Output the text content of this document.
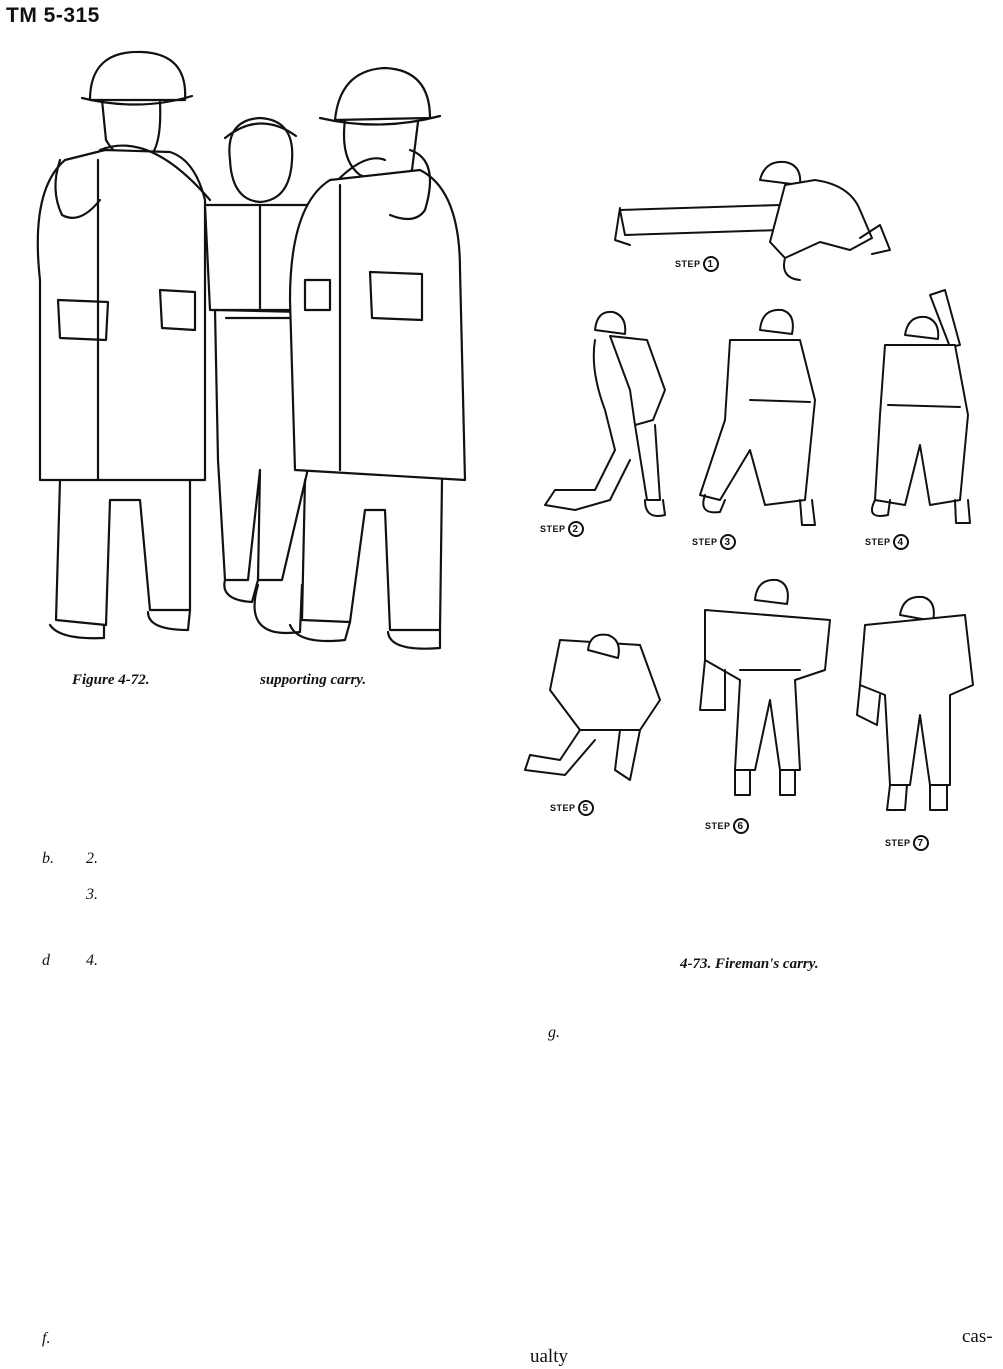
TM 5-315
Figure 4-72.	supporting carry.
STEP 1
STEP 2
STEP 3	STEP 4
STEP 5
STEP 6
STEP 7
b. 2.
3.
d 4.	4-73. Fireman's carry.
g.
f.	cas-
ualty
